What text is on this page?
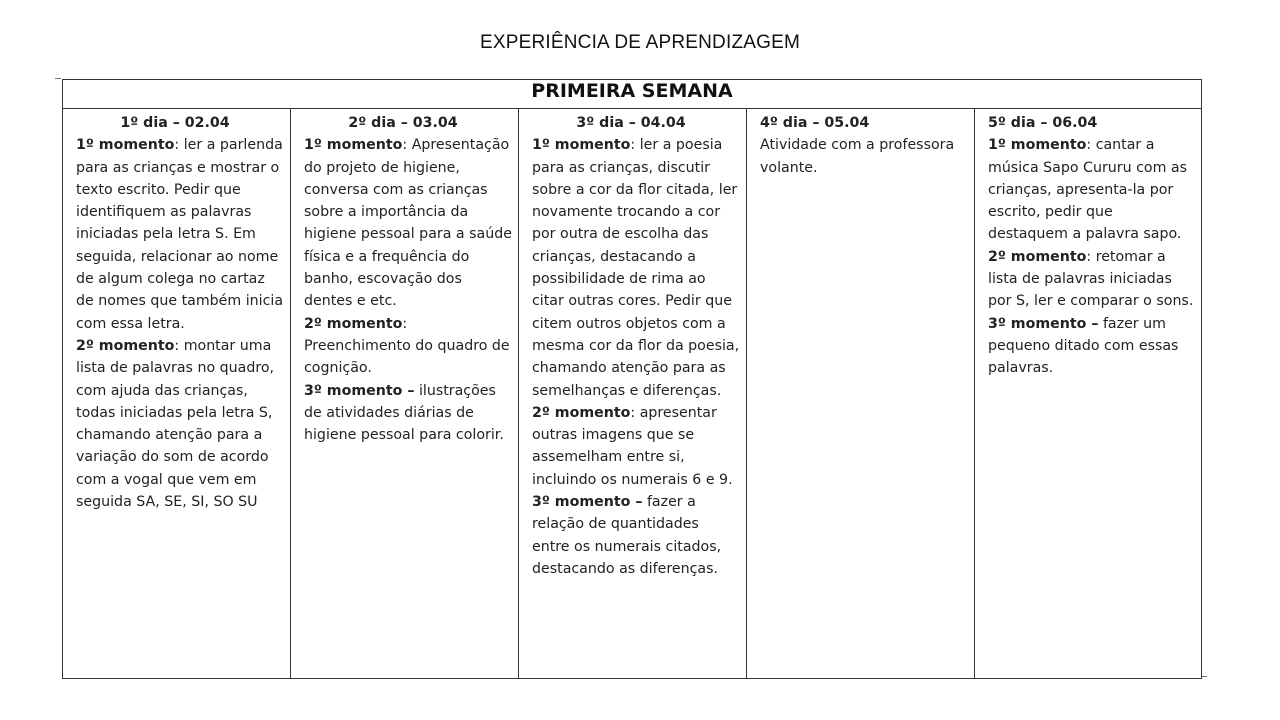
EXPERIÊNCIA DE APRENDIZAGEM
PRIMEIRA SEMANA

1º dia – 02.04
1º momento: ler a parlenda para as crianças e mostrar o texto escrito. Pedir que identifiquem as palavras iniciadas pela letra S. Em seguida, relacionar ao nome de algum colega no cartaz de nomes que também inicia com essa letra.
2º momento: montar uma lista de palavras no quadro, com ajuda das crianças, todas iniciadas pela letra S, chamando atenção para a variação do som de acordo com a vogal que vem em seguida SA, SE, SI, SO SU

2º dia – 03.04
1º momento: Apresentação do projeto de higiene, conversa com as crianças sobre a importância da higiene pessoal para a saúde física e a frequência do banho, escovação dos dentes e etc.
2º momento: Preenchimento do quadro de cognição.
3º momento – ilustrações de atividades diárias de higiene pessoal para colorir.

3º dia – 04.04
1º momento: ler a poesia para as crianças, discutir sobre a cor da flor citada, ler novamente trocando a cor por outra de escolha das crianças, destacando a possibilidade de rima ao citar outras cores. Pedir que citem outros objetos com a mesma cor da flor da poesia, chamando atenção para as semelhanças e diferenças.
2º momento: apresentar outras imagens que se assemelham entre si, incluindo os numerais 6 e 9.
3º momento – fazer a relação de quantidades entre os numerais citados, destacando as diferenças.

4º dia – 05.04
Atividade com a professora volante.

5º dia – 06.04
1º momento: cantar a música Sapo Cururu com as crianças, apresenta-la por escrito, pedir que destaquem a palavra sapo.
2º momento: retomar a lista de palavras iniciadas por S, ler e comparar o sons.
3º momento – fazer um pequeno ditado com essas palavras.
